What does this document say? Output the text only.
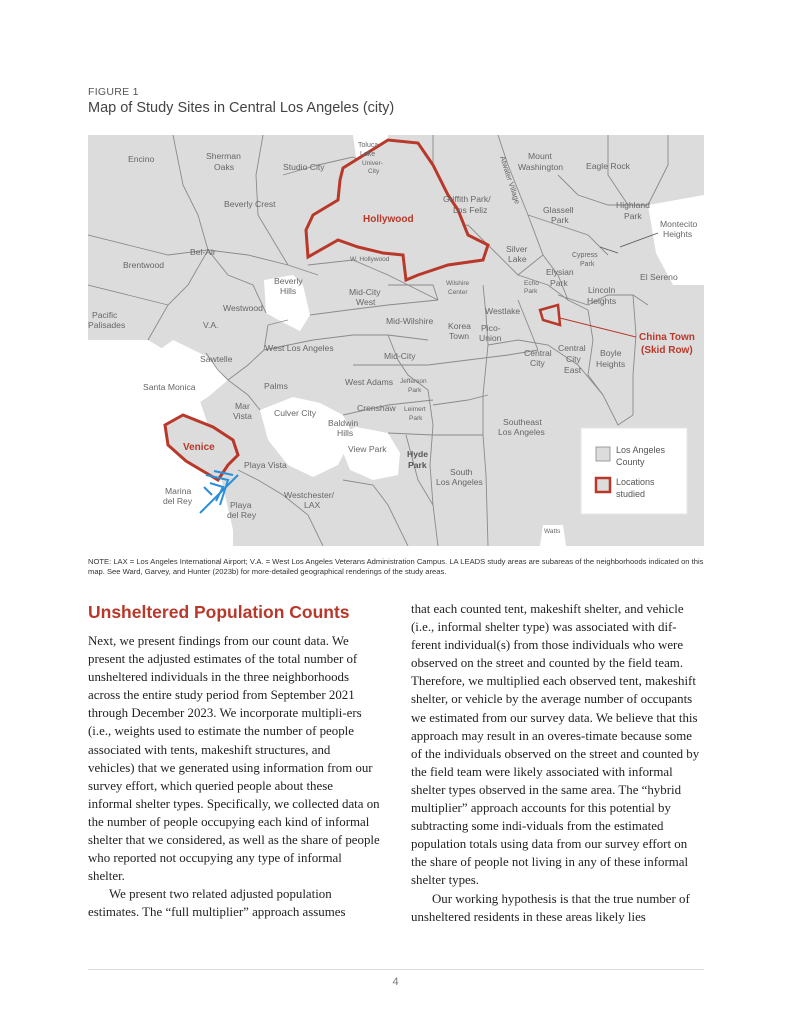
FIGURE 1
Map of Study Sites in Central Los Angeles (city)
Encino	Sherman
Oaks	Studio City
Toluca
Lake
Univer-
City
Mount
Washington	Eagle Rock
Atwater Village
Griffith Park/
Los Feliz	Glassell
Park
Highland
Park
Montecito
Heights
Beverly Crest
Hollywood
Bel-Air
Brentwood
W. Hollywood
Silver
Lake	Cypress
Park
El Sereno
Beverly
Hills
Elysian
Park
Echo
Park	Lincoln
Heights
Mid-City
West
Wilshire
Center
Westwood
Pacific
Palisades	V.A.
Westlake
Mid-Wilshire Korea
Town
Pico-
Union	China Town
(Skid Row)
West Los Angeles
Mid-City	Central
City
Central
City
East
Boyle
Heights
Sawtelle
Santa Monica	Palms	West Adams Jefferson
Park
Mar
Vista	Culver City	Crenshaw Leimert
Park
Baldwin
Hills
Southeast
Los Angeles
Venice	View Park Hyde
Park
Playa Vista
South
Los Angeles
Marina
del Rey
Westchester/
LAX
Playa
del Rey
Watts
Los Angeles
County
Locations
studied
NOTE: LAX = Los Angeles International Airport; V.A. = West Los Angeles Veterans Administration Campus. LA LEADS study areas are subareas of the neighborhoods indicated on this map. See Ward, Garvey, and Hunter (2023b) for more-detailed geographical renderings of the study areas.
Unsheltered Population Counts

Next, we present findings from our count data. We present the adjusted estimates of the total number of unsheltered individuals in the three neighborhoods across the entire study period from September 2021 through December 2023. We incorporate multipli-ers (i.e., weights used to estimate the number of people associated with tents, makeshift structures, and vehicles) that we generated using information from our survey effort, which queried people about these informal shelter types. Specifically, we collected data on the number of people occupying each kind of informal shelter that we considered, as well as the share of people who reported not occupying any type of informal shelter.

We present two related adjusted population estimates. The “full multiplier” approach assumes

that each counted tent, makeshift shelter, and vehicle (i.e., informal shelter type) was associated with dif-ferent individual(s) from those individuals who were observed on the street and counted by the field team. Therefore, we multiplied each observed tent, makeshift shelter, or vehicle by the average number of occupants we estimated from our survey data. We believe that this approach may result in an overes-timate because some of the individuals observed on the street and counted by the field team were likely associated with informal shelter types observed in the same area. The “hybrid multiplier” approach accounts for this potential by subtracting some indi-viduals from the estimated population totals using data from our survey effort on the share of people not living in any of these informal shelter types.

Our working hypothesis is that the true number of unsheltered residents in these areas likely lies

4
